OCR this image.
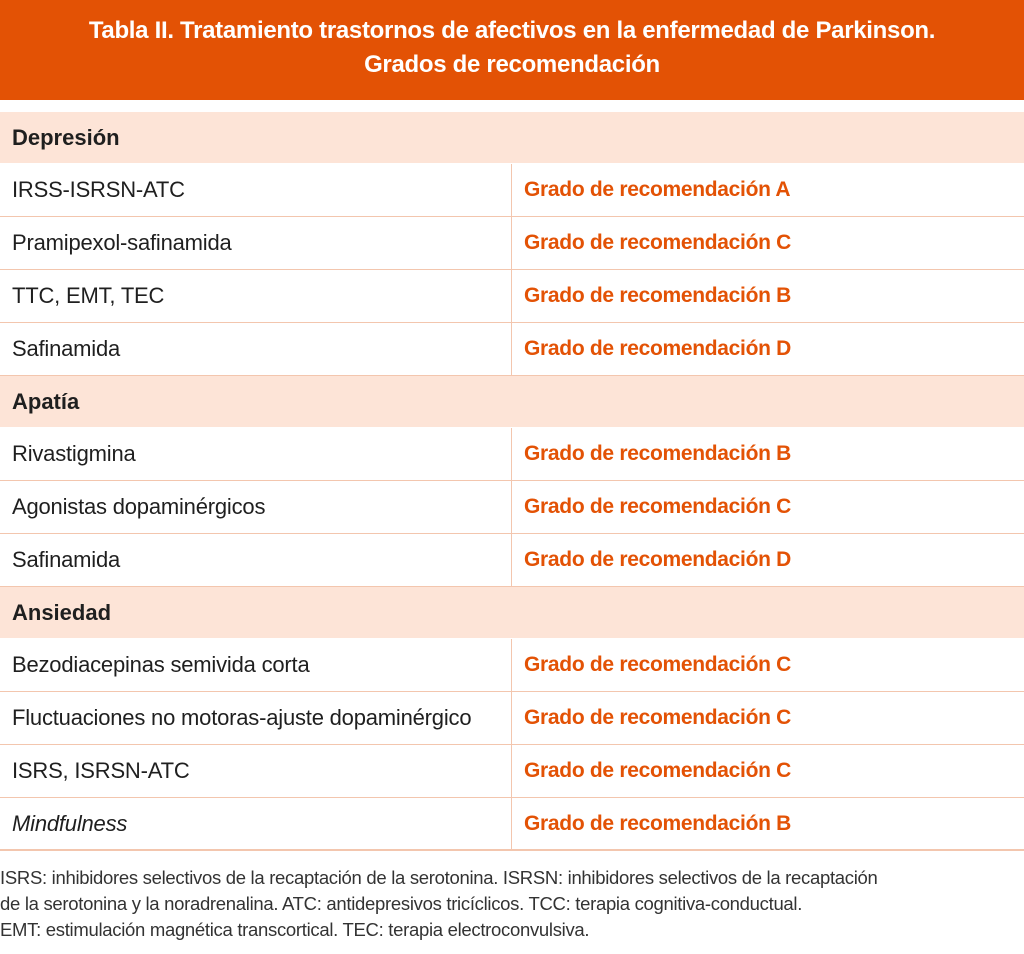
Tabla II. Tratamiento trastornos de afectivos en la enfermedad de Parkinson.
Grados de recomendación
Depresión
IRSS-ISRSN-ATC	Grado de recomendación A
Pramipexol-safinamida	Grado de recomendación C
TTC, EMT, TEC	Grado de recomendación B
Safinamida	Grado de recomendación D
Apatía
Rivastigmina	Grado de recomendación B
Agonistas dopaminérgicos	Grado de recomendación C
Safinamida	Grado de recomendación D
Ansiedad
Bezodiacepinas semivida corta	Grado de recomendación C
Fluctuaciones no motoras-ajuste dopaminérgico	Grado de recomendación C
ISRS, ISRSN-ATC	Grado de recomendación C
Mindfulness	Grado de recomendación B
ISRS: inhibidores selectivos de la recaptación de la serotonina. ISRSN: inhibidores selectivos de la recaptación
de la serotonina y la noradrenalina. ATC: antidepresivos tricíclicos. TCC: terapia cognitiva-conductual.
EMT: estimulación magnética transcortical. TEC: terapia electroconvulsiva.
